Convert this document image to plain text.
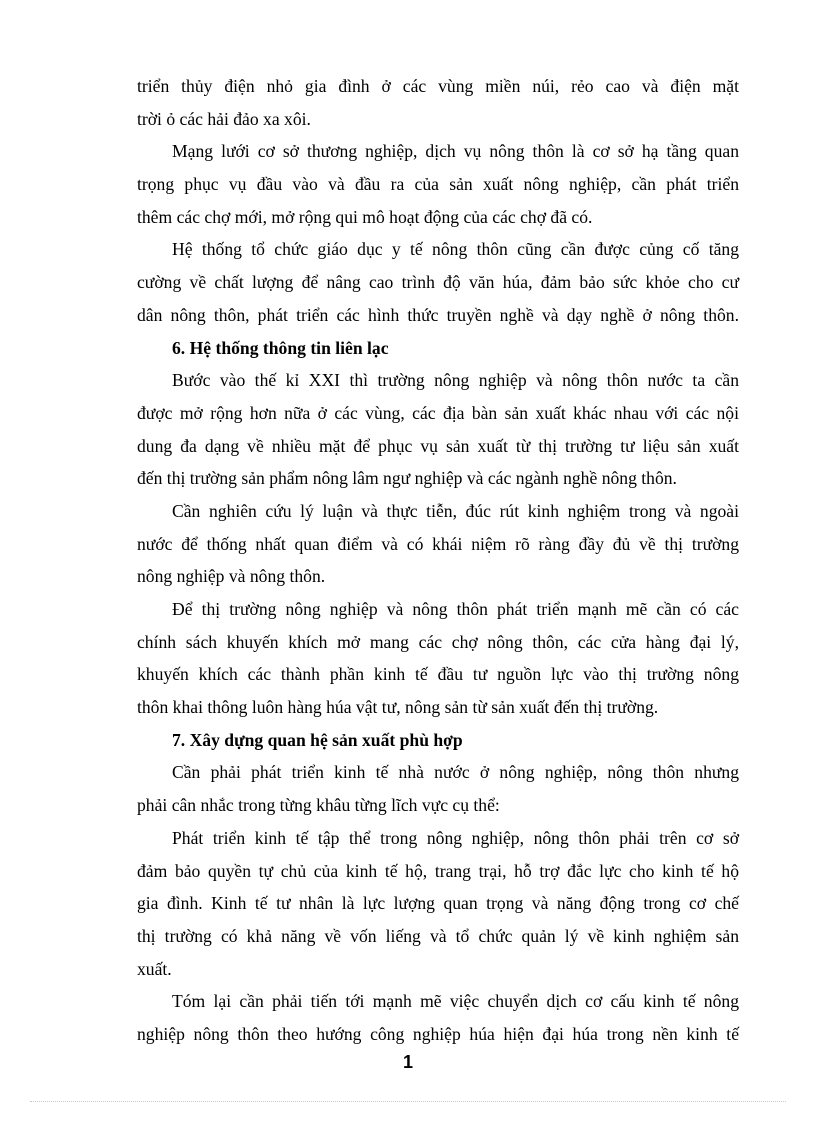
triển thủy điện nhỏ gia đình ở các vùng miền núi, rẻo cao và điện mặt
trời ỏ các hải đảo xa xôi.
Mạng lưới cơ sở thương nghiệp, dịch vụ nông thôn là cơ sở hạ tầng quan
trọng phục vụ đầu vào và đầu ra của sản xuất nông nghiệp, cần phát triển
thêm các chợ mới, mở rộng qui mô hoạt động của các chợ đã có.
Hệ thống tổ chức giáo dục y tế nông thôn cũng cần được củng cố tăng
cường về chất lượng để nâng cao trình độ văn húa, đảm bảo sức khỏe cho cư
dân nông thôn, phát triển các hình thức truyền nghề và dạy nghề ở nông thôn.
6. Hệ thống thông tin liên lạc
Bước vào thế kỉ XXI thì trường nông nghiệp và nông thôn nước ta cần
được mở rộng hơn nữa ở các vùng, các địa bàn sản xuất khác nhau với các nội
dung đa dạng về nhiều mặt để phục vụ sản xuất từ thị trường tư liệu sản xuất
đến thị trường sản phẩm nông lâm ngư nghiệp và các ngành nghề nông thôn.
Cần nghiên cứu lý luận và thực tiễn, đúc rút kinh nghiệm trong và ngoài
nước để thống nhất quan điểm và có khái niệm rõ ràng đầy đủ về thị trường
nông nghiệp và nông thôn.
Để thị trường nông nghiệp và nông thôn phát triển mạnh mẽ cần có các
chính sách khuyến khích mở mang các chợ nông thôn, các cửa hàng đại lý,
khuyến khích các thành phần kinh tế đầu tư nguồn lực vào thị trường nông
thôn khai thông luôn hàng húa vật tư, nông sản từ sản xuất đến thị trường.
7. Xây dựng quan hệ sản xuất phù hợp
Cần phải phát triển kinh tế nhà nước ở nông nghiệp, nông thôn nhưng
phải cân nhắc trong từng khâu từng lĩch vực cụ thể:
Phát triển kinh tế tập thể trong nông nghiệp, nông thôn phải trên cơ sở
đảm bảo quyền tự chủ của kinh tế hộ, trang trại, hỗ trợ đắc lực cho kinh tế hộ
gia đình. Kinh tế tư nhân là lực lượng quan trọng và năng động trong cơ chế
thị trường có khả năng về vốn liếng và tổ chức quản lý về kinh nghiệm sản
xuất.
Tóm lại cần phải tiến tới mạnh mẽ việc chuyển dịch cơ cấu kinh tế nông
nghiệp nông thôn theo hướng công nghiệp húa hiện đại húa trong nền kinh tế
1
